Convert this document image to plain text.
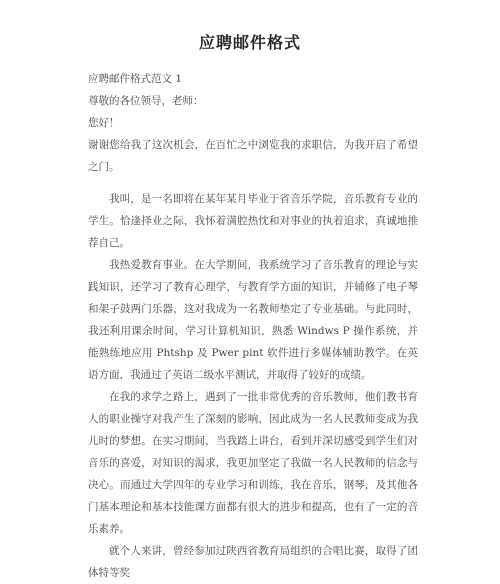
应聘邮件格式

应聘邮件格式范文 1

尊敬的各位领导，老师：

您好！

谢谢您给我了这次机会，在百忙之中浏览我的求职信，为我开启了希望之门。

我叫，是一名即将在某年某月毕业于省音乐学院，音乐教育专业的学生。恰逢择业之际，我怀着满腔热忱和对事业的执着追求，真诚地推荐自己。

我热爱教育事业。在大学期间，我系统学习了音乐教育的理论与实践知识，还学习了教育心理学，与教育学方面的知识，并辅修了电子琴和架子鼓两门乐器，这对我成为一名教师垫定了专业基础。与此同时，我还利用课余时间，学习计算机知识，熟悉 Windws P 操作系统，并能熟练地应用 Phtshp 及 Pwer pint 软件进行多媒体辅助教学。在英语方面，我通过了英语二级水平测试，并取得了较好的成绩。

在我的求学之路上，遇到了一批非常优秀的音乐教师，他们教书育人的职业操守对我产生了深刻的影响，因此成为一名人民教师变成为我儿时的梦想。在实习期间，当我踏上讲台，看到并深切感受到学生们对音乐的喜爱，对知识的渴求，我更加坚定了我做一名人民教师的信念与决心。而通过大学四年的专业学习和训练，我在音乐，钢琴，及其他各门基本理论和基本技能课方面都有很大的进步和提高，也有了一定的音乐素养。

就个人来讲，曾经参加过陕西省教育局组织的合唱比赛，取得了团体特等奖
